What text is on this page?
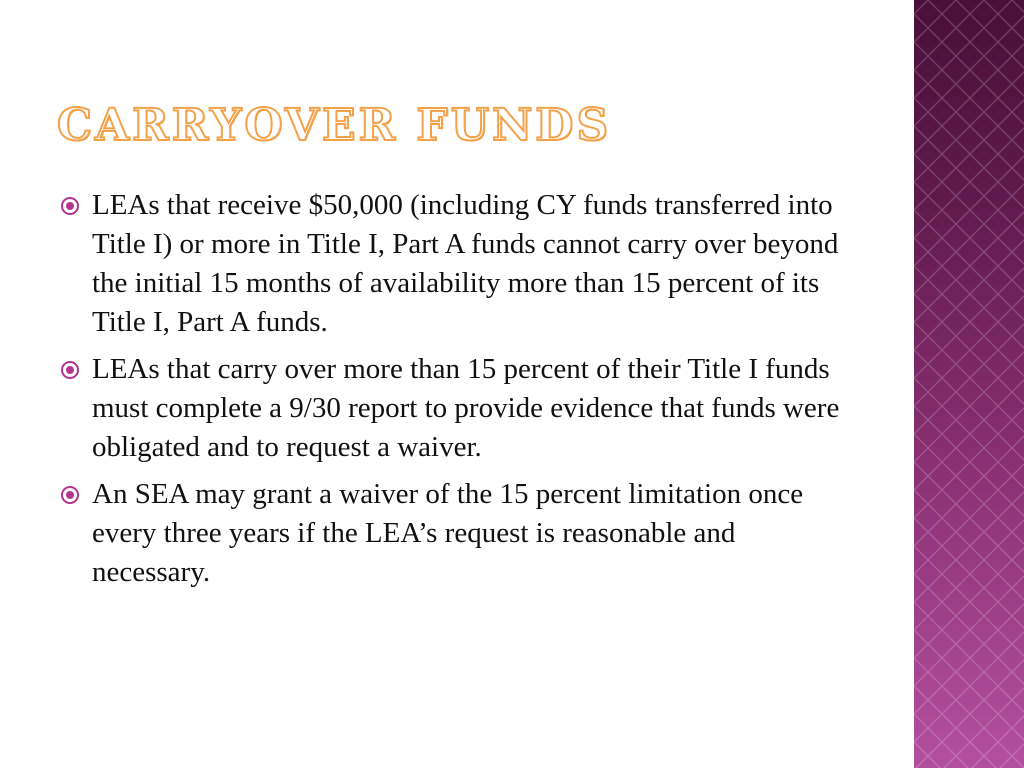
CARRYOVER FUNDS
LEAs that receive $50,000 (including CY funds transferred into Title I) or more in Title I, Part A funds cannot carry over beyond the initial 15 months of availability more than 15 percent of its Title I, Part A funds.
LEAs that carry over more than 15 percent of their Title I funds must complete a 9/30 report to provide evidence that funds were obligated and to request a waiver.
An SEA may grant a waiver of the 15 percent limitation once every three years if the LEA’s request is reasonable and necessary.
